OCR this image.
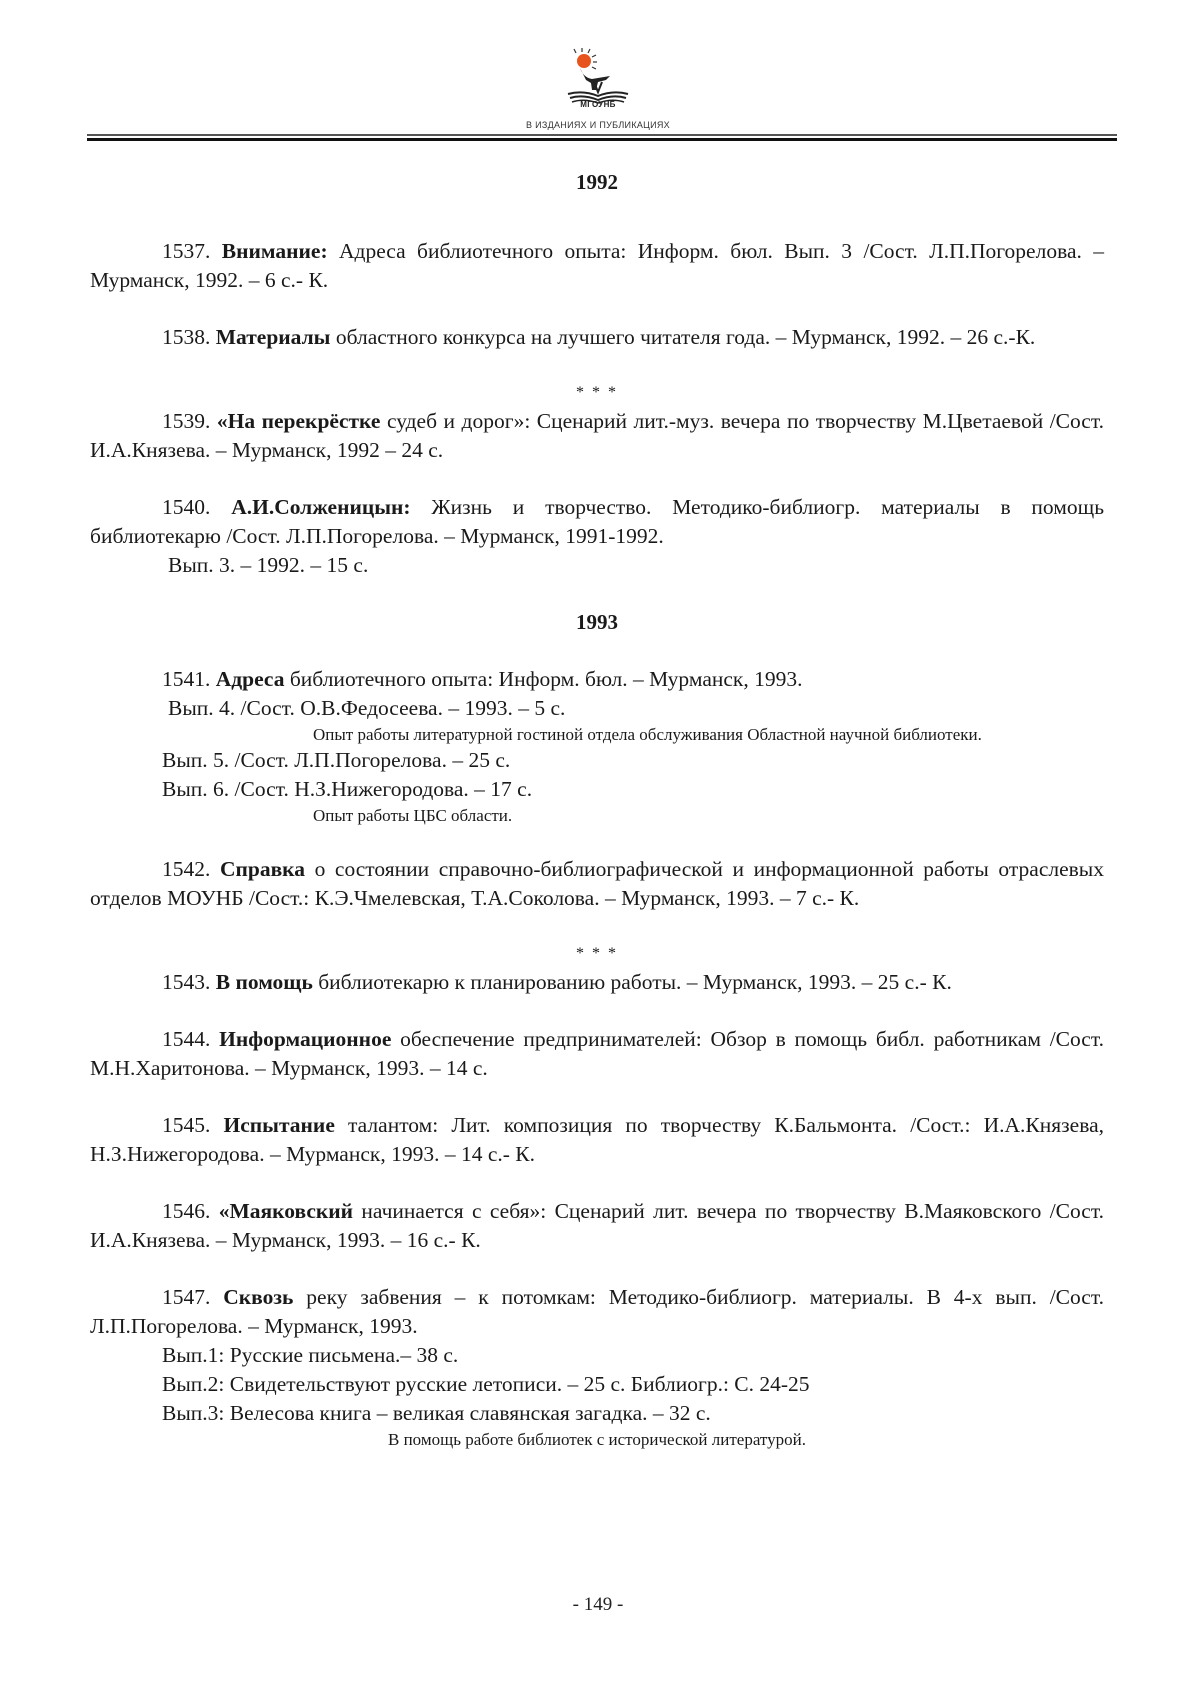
МГОУНБ
В ИЗДАНИЯХ И ПУБЛИКАЦИЯХ

1992

1537. Внимание: Адреса библиотечного опыта: Информ. бюл. Вып. 3 /Сост. Л.П.Погорелова. – Мурманск, 1992. – 6 с.- К.

1538. Материалы областного конкурса на лучшего читателя года. – Мурманск, 1992. – 26 с.-К.

* * *

1539. «На перекрёстке судеб и дорог»: Сценарий лит.-муз. вечера по творчеству М.Цветаевой /Сост. И.А.Князева. – Мурманск, 1992 – 24 с.

1540. А.И.Солженицын: Жизнь и творчество. Методико-библиогр. материалы в помощь библиотекарю /Сост. Л.П.Погорелова. – Мурманск, 1991-1992.

Вып. 3. – 1992. – 15 с.

1993

1541. Адреса библиотечного опыта: Информ. бюл. – Мурманск, 1993.

Вып. 4. /Сост. О.В.Федосеева. – 1993. – 5 с.

Опыт работы литературной гостиной отдела обслуживания Областной научной библиотеки.

Вып. 5. /Сост. Л.П.Погорелова. – 25 с.

Вып. 6. /Сост. Н.З.Нижегородова. – 17 с.

Опыт работы ЦБС области.

1542. Справка о состоянии справочно-библиографической и информационной работы отраслевых отделов МОУНБ /Сост.: К.Э.Чмелевская, Т.А.Соколова. – Мурманск, 1993. – 7 с.- К.

* * *

1543. В помощь библиотекарю к планированию работы. – Мурманск, 1993. – 25 с.- К.

1544. Информационное обеспечение предпринимателей: Обзор в помощь библ. работникам /Сост. М.Н.Харитонова. – Мурманск, 1993. – 14 с.

1545. Испытание талантом: Лит. композиция по творчеству К.Бальмонта. /Сост.: И.А.Князева, Н.З.Нижегородова. – Мурманск, 1993. – 14 с.- К.

1546. «Маяковский начинается с себя»: Сценарий лит. вечера по творчеству В.Маяковского /Сост. И.А.Князева. – Мурманск, 1993. – 16 с.- К.

1547. Сквозь реку забвения – к потомкам: Методико-библиогр. материалы. В 4-х вып. /Сост. Л.П.Погорелова. – Мурманск, 1993.

Вып.1: Русские письмена.– 38 с.

Вып.2: Свидетельствуют русские летописи. – 25 с. Библиогр.: С. 24-25

Вып.3: Велесова книга – великая славянская загадка. – 32 с.

В помощь работе библиотек с исторической литературой.

- 149 -
